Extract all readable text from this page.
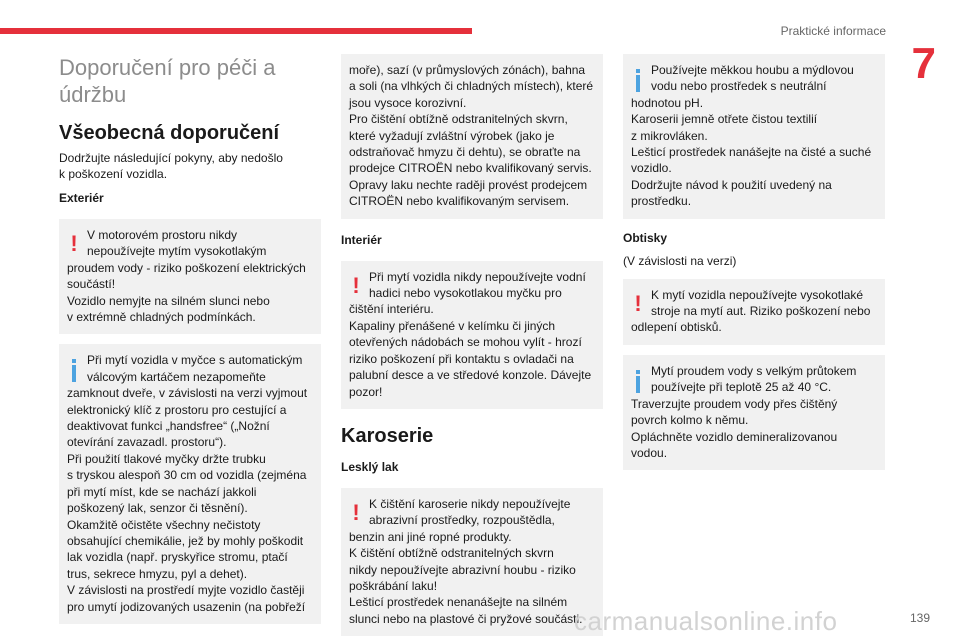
Praktické informace
7
Doporučení pro péči a
údržbu
Všeobecná doporučení

Dodržujte následující pokyny, aby nedošlo
k poškození vozidla.

Exteriér
! V motorovém prostoru nikdy
nepoužívejte mytím vysokotlakým
proudem vody - riziko poškození elektrických
součástí!
Vozidlo nemyjte na silném slunci nebo
v extrémně chladných podmínkách.
Při mytí vozidla v myčce s automatickým
válcovým kartáčem nezapomeňte
zamknout dveře, v závislosti na verzi vyjmout
elektronický klíč z prostoru pro cestující a
deaktivovat funkci „handsfree“ („Nožní
otevírání zavazadl. prostoru“).
Při použití tlakové myčky držte trubku
s tryskou alespoň 30 cm od vozidla (zejména
při mytí míst, kde se nachází jakkoli
poškozený lak, senzor či těsnění).
Okamžitě očistěte všechny nečistoty
obsahující chemikálie, jež by mohly poškodit
lak vozidla (např. pryskyřice stromu, ptačí
trus, sekrece hmyzu, pyl a dehet).
V závislosti na prostředí myjte vozidlo častěji
pro umytí jodizovaných usazenin (na pobřeží
moře), sazí (v průmyslových zónách), bahna
a soli (na vlhkých či chladných místech), které
jsou vysoce korozivní.
Pro čištění obtížně odstranitelných skvrn,
které vyžadují zvláštní výrobek (jako je
odstraňovač hmyzu či dehtu), se obraťte na
prodejce CITROËN nebo kvalifikovaný servis.
Opravy laku nechte raději provést prodejcem
CITROËN nebo kvalifikovaným servisem.
Interiér
! Při mytí vozidla nikdy nepoužívejte vodní
hadici nebo vysokotlakou myčku pro
čištění interiéru.
Kapaliny přenášené v kelímku či jiných
otevřených nádobách se mohou vylít - hrozí
riziko poškození při kontaktu s ovladači na
palubní desce a ve středové konzole. Dávejte
pozor!
Karoserie
Lesklý lak
! K čištění karoserie nikdy nepoužívejte
abrazivní prostředky, rozpouštědla,
benzin ani jiné ropné produkty.
K čištění obtížně odstranitelných skvrn
nikdy nepoužívejte abrazivní houbu - riziko
poškrábání laku!
Lešticí prostředek nenanášejte na silném
slunci nebo na plastové či pryžové součásti.
Používejte měkkou houbu a mýdlovou
vodu nebo prostředek s neutrální
hodnotou pH.
Karoserii jemně otřete čistou textilií
z mikrovláken.
Lešticí prostředek nanášejte na čisté a suché
vozidlo.
Dodržujte návod k použití uvedený na
prostředku.
Obtisky

(V závislosti na verzi)

! K mytí vozidla nepoužívejte vysokotlaké
stroje na mytí aut. Riziko poškození nebo
odlepení obtisků.
Mytí proudem vody s velkým průtokem
používejte při teplotě 25 až 40 °C.
Traverzujte proudem vody přes čištěný
povrch kolmo k němu.
Opláchněte vozidlo demineralizovanou
vodou.
carmanualsonline.info	139
